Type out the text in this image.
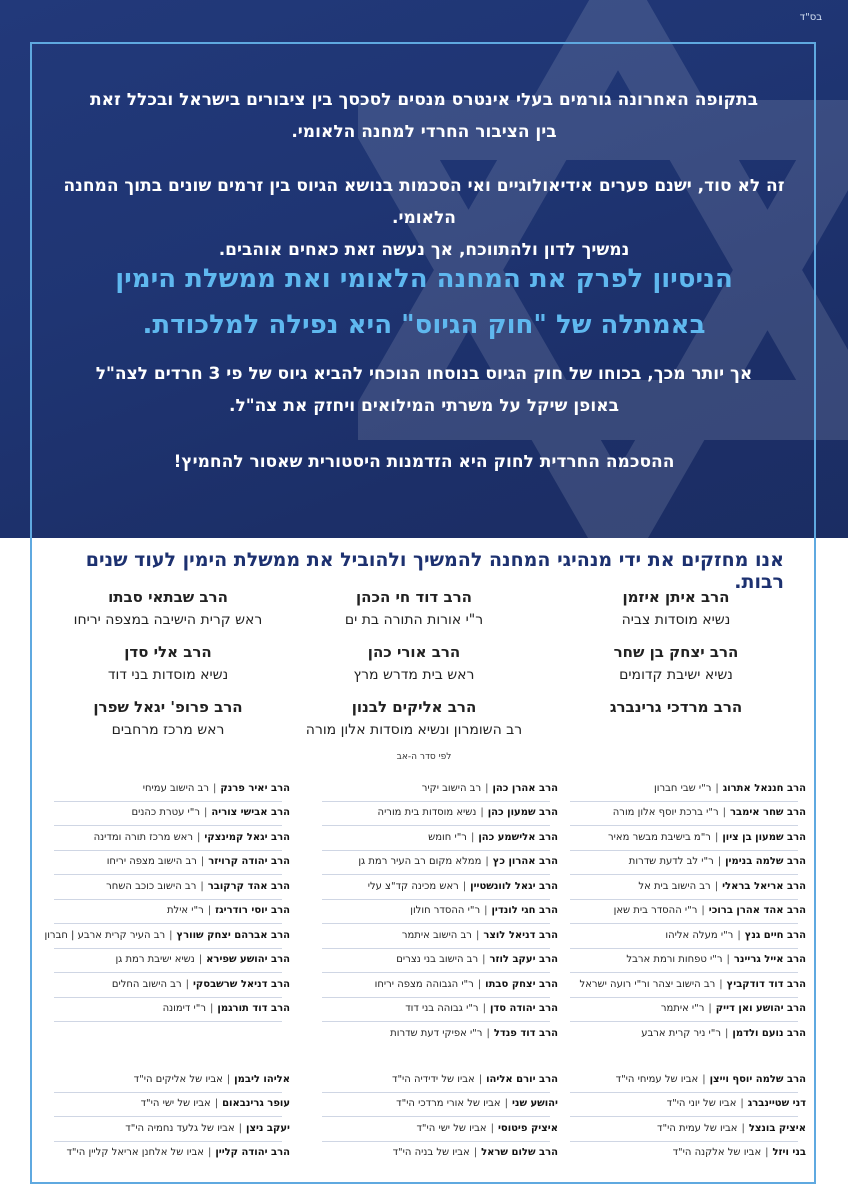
בס"ד
בתקופה האחרונה גורמים בעלי אינטרס מנסים לסכסך בין ציבורים בישראל ובכלל זאת
בין הציבור החרדי למחנה הלאומי.
זה לא סוד, ישנם פערים אידיאולוגיים ואי הסכמות בנושא הגיוס בין זרמים שונים בתוך המחנה הלאומי.
נמשיך לדון ולהתווכח, אך נעשה זאת כאחים אוהבים.
הניסיון לפרק את המחנה הלאומי ואת ממשלת הימין
באמתלה של "חוק הגיוס" היא נפילה למלכודת.
אך יותר מכך, בכוחו של חוק הגיוס בנוסחו הנוכחי להביא גיוס של פי 3 חרדים לצה"ל
באופן שיקל על משרתי המילואים ויחזק את צה"ל.
ההסכמה החרדית לחוק היא הזדמנות היסטורית שאסור להחמיץ!
אנו מחזקים את ידי מנהיגי המחנה להמשיך ולהוביל את ממשלת הימין לעוד שנים רבות.
הרב איתן איזמן
נשיא מוסדות צביה
הרב דוד חי הכהן
ר"י אורות התורה בת ים
הרב שבתאי סבתו
ראש קרית הישיבה במצפה יריחו
הרב יצחק בן שחר
נשיא ישיבת קדומים
הרב אורי כהן
ראש בית מדרש מרץ
הרב אלי סדן
נשיא מוסדות בני דוד
הרב מרדכי גרינברג
הרב אליקים לבנון
רב השומרון ונשיא מוסדות אלון מורה
הרב פרופ' יגאל שפרן
ראש מרכז מרחבים
לפי סדר ה-אב
הרב חננאל אתרוג
|
ר"י שבי חברון
הרב שחר אימבר
|
ר"י ברכת יוסף אלון מורה
הרב שמעון בן ציון
|
ר"מ בישיבת מבשר מאיר
הרב שלמה בנימין
|
ר"י לב לדעת שדרות
הרב אריאל בראלי
|
רב הישוב בית אל
הרב אהד אהרן ברוכי
|
ר"י ההסדר בית שאן
הרב חיים גנץ
|
ר"י מעלה אליהו
הרב אייל גריינר
|
ר"י טפחות ורמת ארבל
הרב דוד דודקביץ
|
רב הישוב יצהר ור"י רועה ישראל
הרב יהושע ואן דייק
|
ר"י איתמר
הרב נועם ולדמן
|
ר"י ניר קרית ארבע
הרב אהרן כהן
|
רב הישוב יקיר
הרב שמעון כהן
|
נשיא מוסדות בית מוריה
הרב אלישמע כהן
|
ר"י חומש
הרב אהרון כץ
|
ממלא מקום רב העיר רמת גן
הרב יגאל לוונשטיין
|
ראש מכינה קד"צ עלי
הרב חגי לונדין
|
ר"י ההסדר חולון
הרב דניאל לוצר
|
רב הישוב איתמר
הרב יעקב לוזר
|
רב הישוב בני נצרים
הרב יצחק סבתו
|
ר"י הגבוהה מצפה יריחו
הרב יהודה סדן
|
ר"י גבוהה בני דוד
הרב דוד פנדל
|
ר"י אפיקי דעת שדרות
הרב יאיר פרנק
|
רב הישוב עמיחי
הרב אבישי צוריה
|
ר"י עטרת כהנים
הרב יגאל קמינצקי
|
ראש מרכז תורה ומדינה
הרב יהודה קרויזר
|
רב הישוב מצפה יריחו
הרב אהד קרקובר
|
רב הישוב כוכב השחר
הרב יוסי רודריגז
|
ר"י אילת
הרב אברהם יצחק שוורץ
|
רב העיר קרית ארבע | חברון
הרב יהושע שפירא
|
נשיא ישיבת רמת גן
הרב דניאל שרשבסקי
|
רב הישוב החלים
הרב דוד תורגמן
|
ר"י דימונה
הרב שלמה יוסף וייצן
|
אביו של עמיחי הי"ד
דני שטיינברג
|
אביו של יוני הי"ד
איציק בונצל
|
אביו של עמית הי"ד
בני ויזל
|
אביו של אלקנה הי"ד
הרב יורם אליהו
|
אביו של ידידיה הי"ד
יהושע שני
|
אביו של אורי מרדכי הי"ד
איציק פיטוסי
|
אביו של ישי הי"ד
הרב שלום שראל
|
אביו של בניה הי"ד
אליהו ליבמן
|
אביו של אליקים הי"ד
עופר גרינבאום
|
אביו של ישי הי"ד
יעקב ניצן
|
אביו של גלעד נחמיה הי"ד
הרב יהודה קליין
|
אביו של אלחנן אריאל קליין הי"ד
